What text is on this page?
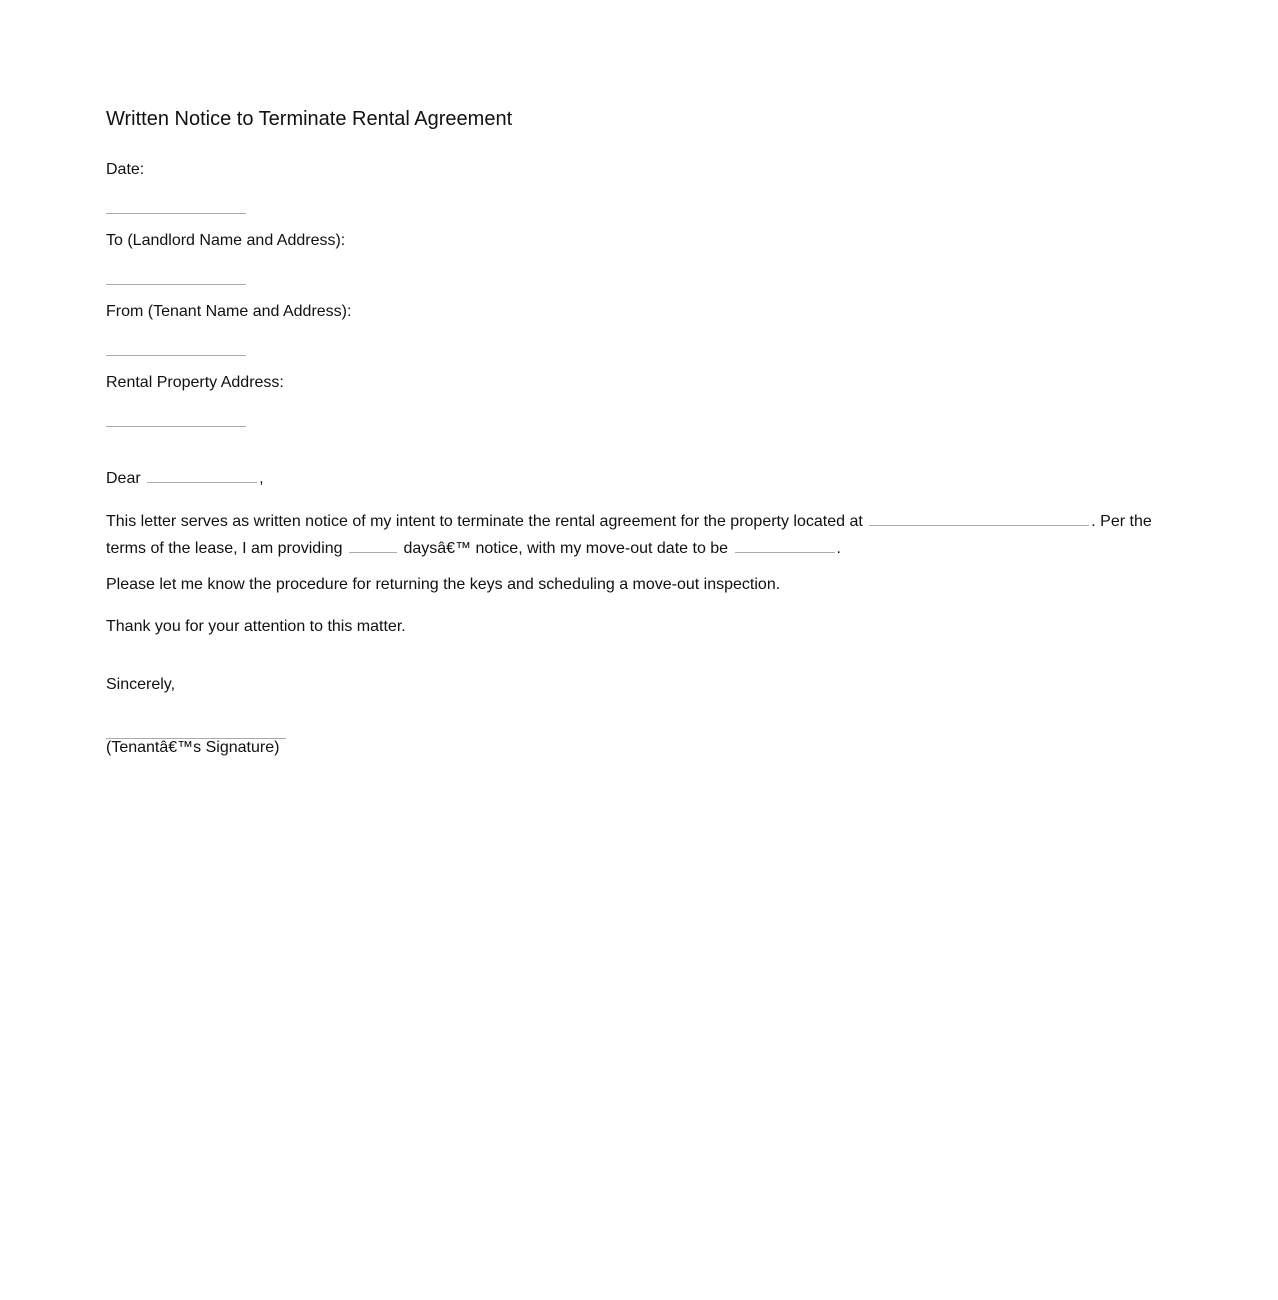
Written Notice to Terminate Rental Agreement
Date:
To (Landlord Name and Address):
From (Tenant Name and Address):
Rental Property Address:
Dear	,
This letter serves as written notice of my intent to terminate the rental agreement for the property located at	. Per the terms of the lease, I am providing	daysâ€™ notice, with my move-out date to be	.
Please let me know the procedure for returning the keys and scheduling a move-out inspection.
Thank you for your attention to this matter.
Sincerely,
(Tenantâ€™s Signature)
